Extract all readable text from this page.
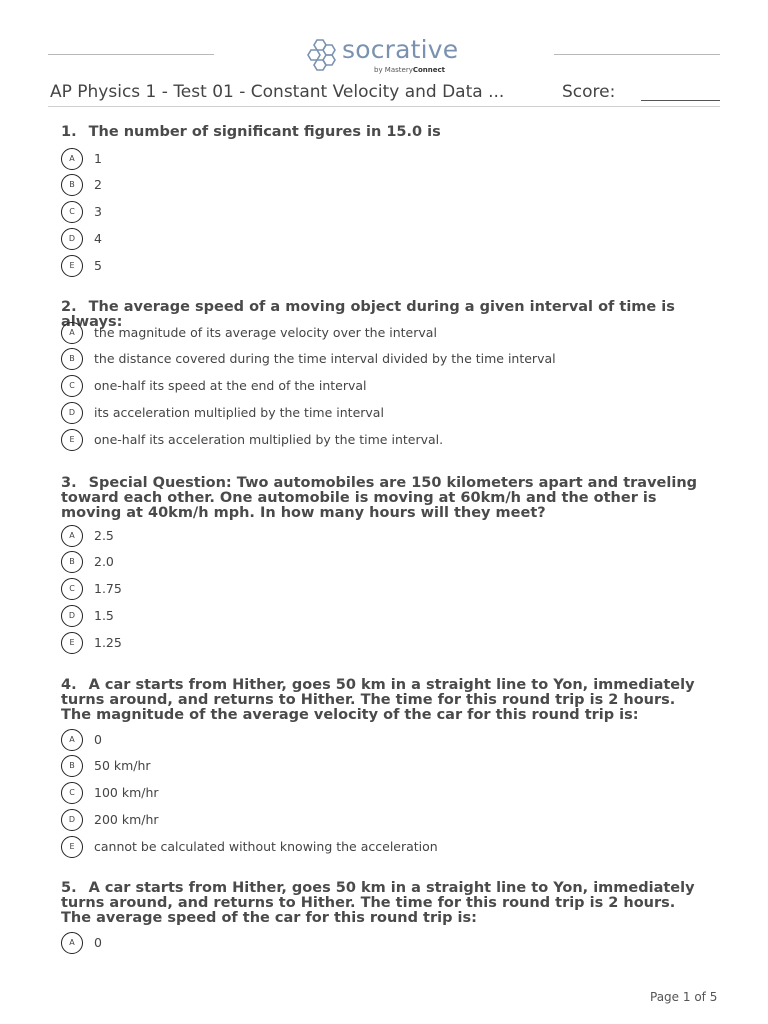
socrative
by MasteryConnect
AP Physics 1 - Test 01 - Constant Velocity and Data ...	Score:

1. The number of significant figures in 15.0 is

A	1
B	2
C	3
D	4
E	5

2. The average speed of a moving object during a given interval of time is always:

A	the magnitude of its average velocity over the interval
B	the distance covered during the time interval divided by the time interval
C	one-half its speed at the end of the interval
D	its acceleration multiplied by the time interval
E	one-half its acceleration multiplied by the time interval.

3. Special Question: Two automobiles are 150 kilometers apart and traveling toward each other. One automobile is moving at 60km/h and the other is moving at 40km/h mph. In how many hours will they meet?

A	2.5
B	2.0
C	1.75
D	1.5
E	1.25

4. A car starts from Hither, goes 50 km in a straight line to Yon, immediately turns around, and returns to Hither. The time for this round trip is 2 hours. The magnitude of the average velocity of the car for this round trip is:

A	0
B	50 km/hr
C	100 km/hr
D	200 km/hr
E	cannot be calculated without knowing the acceleration

5. A car starts from Hither, goes 50 km in a straight line to Yon, immediately turns around, and returns to Hither. The time for this round trip is 2 hours. The average speed of the car for this round trip is:

A	0
Page 1 of 5
